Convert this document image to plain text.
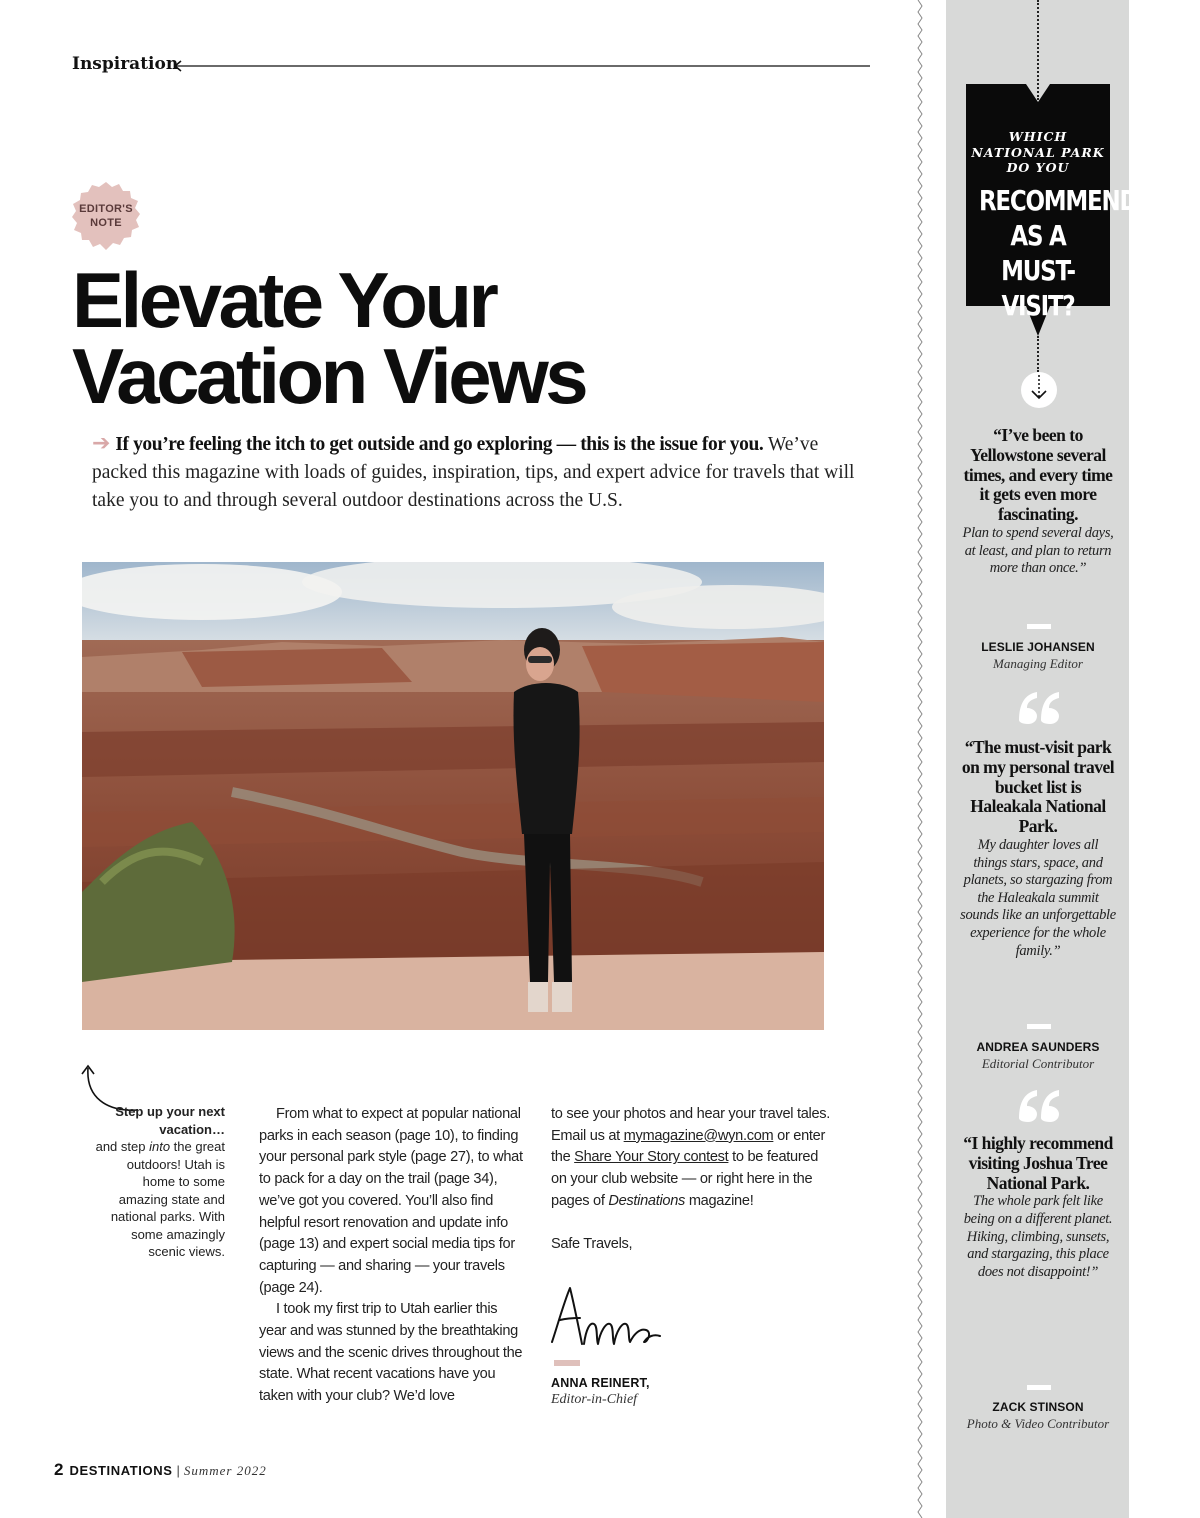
Inspiration
EDITOR'S
NOTE
Elevate Your
Vacation Views
➔ If you’re feeling the itch to get outside and go exploring — this is the issue for you. We’ve packed this magazine with loads of guides, inspiration, tips, and expert advice for travels that will take you to and through several outdoor destinations across the U.S.
Step up your next vacation…
and step into the great outdoors! Utah is home to some amazing state and national parks. With some amazingly scenic views.

From what to expect at popular national parks in each season (page 10), to finding your personal park style (page 27), to what to pack for a day on the trail (page 34), we’ve got you covered. You’ll also find helpful resort renovation and update info (page 13) and expert social media tips for capturing — and sharing — your travels (page 24).

I took my first trip to Utah earlier this year and was stunned by the breathtaking views and the scenic drives throughout the state. What recent vacations have you taken with your club? We’d love

to see your photos and hear your travel tales. Email us at mymagazine@wyn.com or enter the Share Your Story contest to be featured on your club website — or right here in the pages of Destinations magazine!

Safe Travels,

ANNA REINERT,
Editor-in-Chief
2 DESTINATIONS | Summer 2022
WHICH NATIONAL PARK DO YOU
RECOMMEND AS A MUST-VISIT?
“I’ve been to Yellowstone several times, and every time it gets even more fascinating.
Plan to spend several days, at least, and plan to return more than once.”
LESLIE JOHANSEN
Managing Editor
“The must-visit park on my personal travel bucket list is Haleakala National Park.
My daughter loves all things stars, space, and planets, so stargazing from the Haleakala summit sounds like an unforgettable experience for the whole family.”
ANDREA SAUNDERS
Editorial Contributor
“I highly recommend visiting Joshua Tree National Park.
The whole park felt like being on a different planet. Hiking, climbing, sunsets, and stargazing, this place does not disappoint!”
ZACK STINSON
Photo & Video Contributor
